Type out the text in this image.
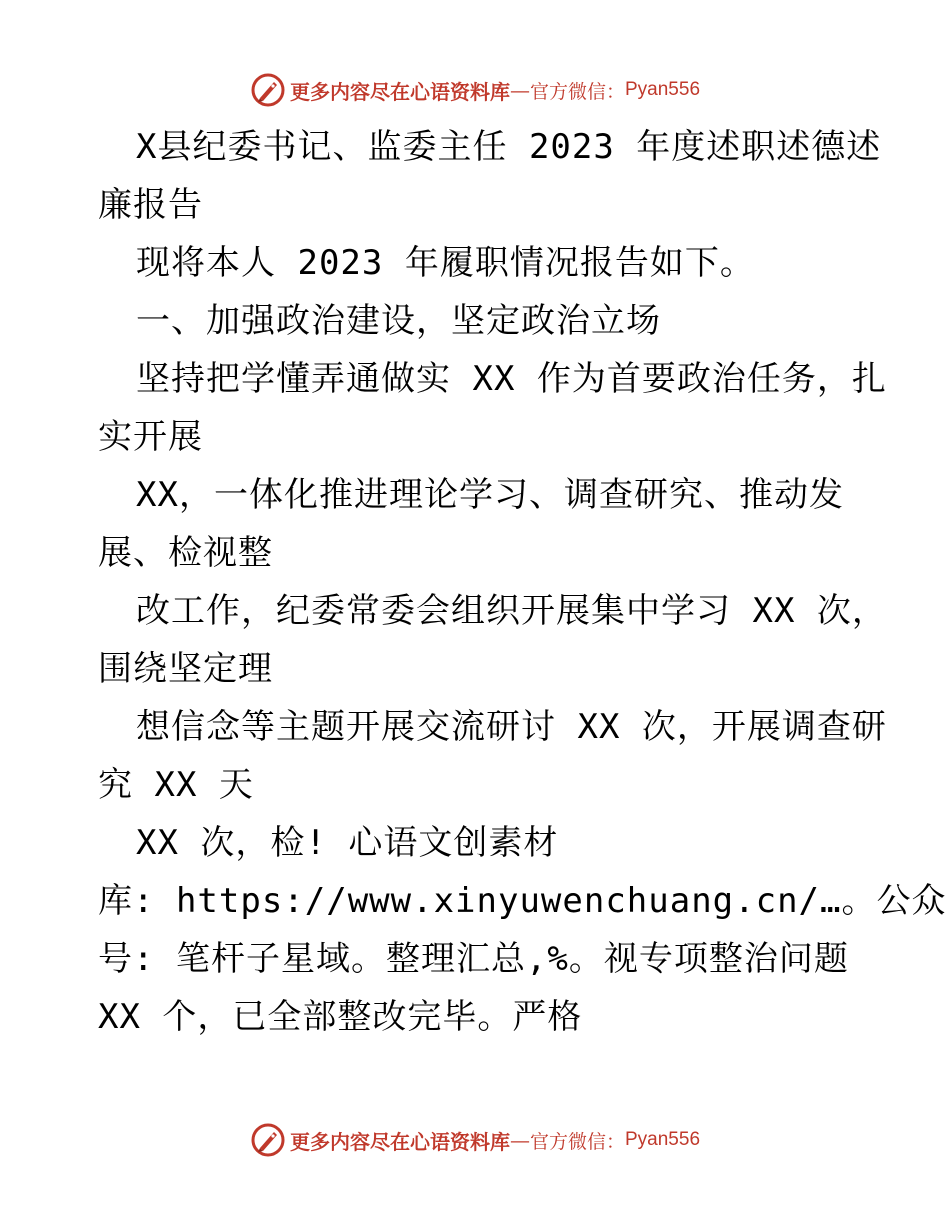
更多内容尽在心语资料库 — 官方微信： Pyan556
X县纪委书记、监委主任 2023 年度述职述德述
廉报告
现将本人 2023 年履职情况报告如下。
一、加强政治建设，坚定政治立场
坚持把学懂弄通做实 XX 作为首要政治任务，扎
实开展
XX，一体化推进理论学习、调查研究、推动发
展、检视整
改工作，纪委常委会组织开展集中学习 XX 次，
围绕坚定理
想信念等主题开展交流研讨 XX 次，开展调查研
究 XX 天
XX 次，检! 心语文创素材
库: https://www.xinyuwenchuang.cn/…。公众
号: 笔杆子星域。整理汇总,%。视专项整治问题
XX 个，已全部整改完毕。严格
更多内容尽在心语资料库 — 官方微信： Pyan556
